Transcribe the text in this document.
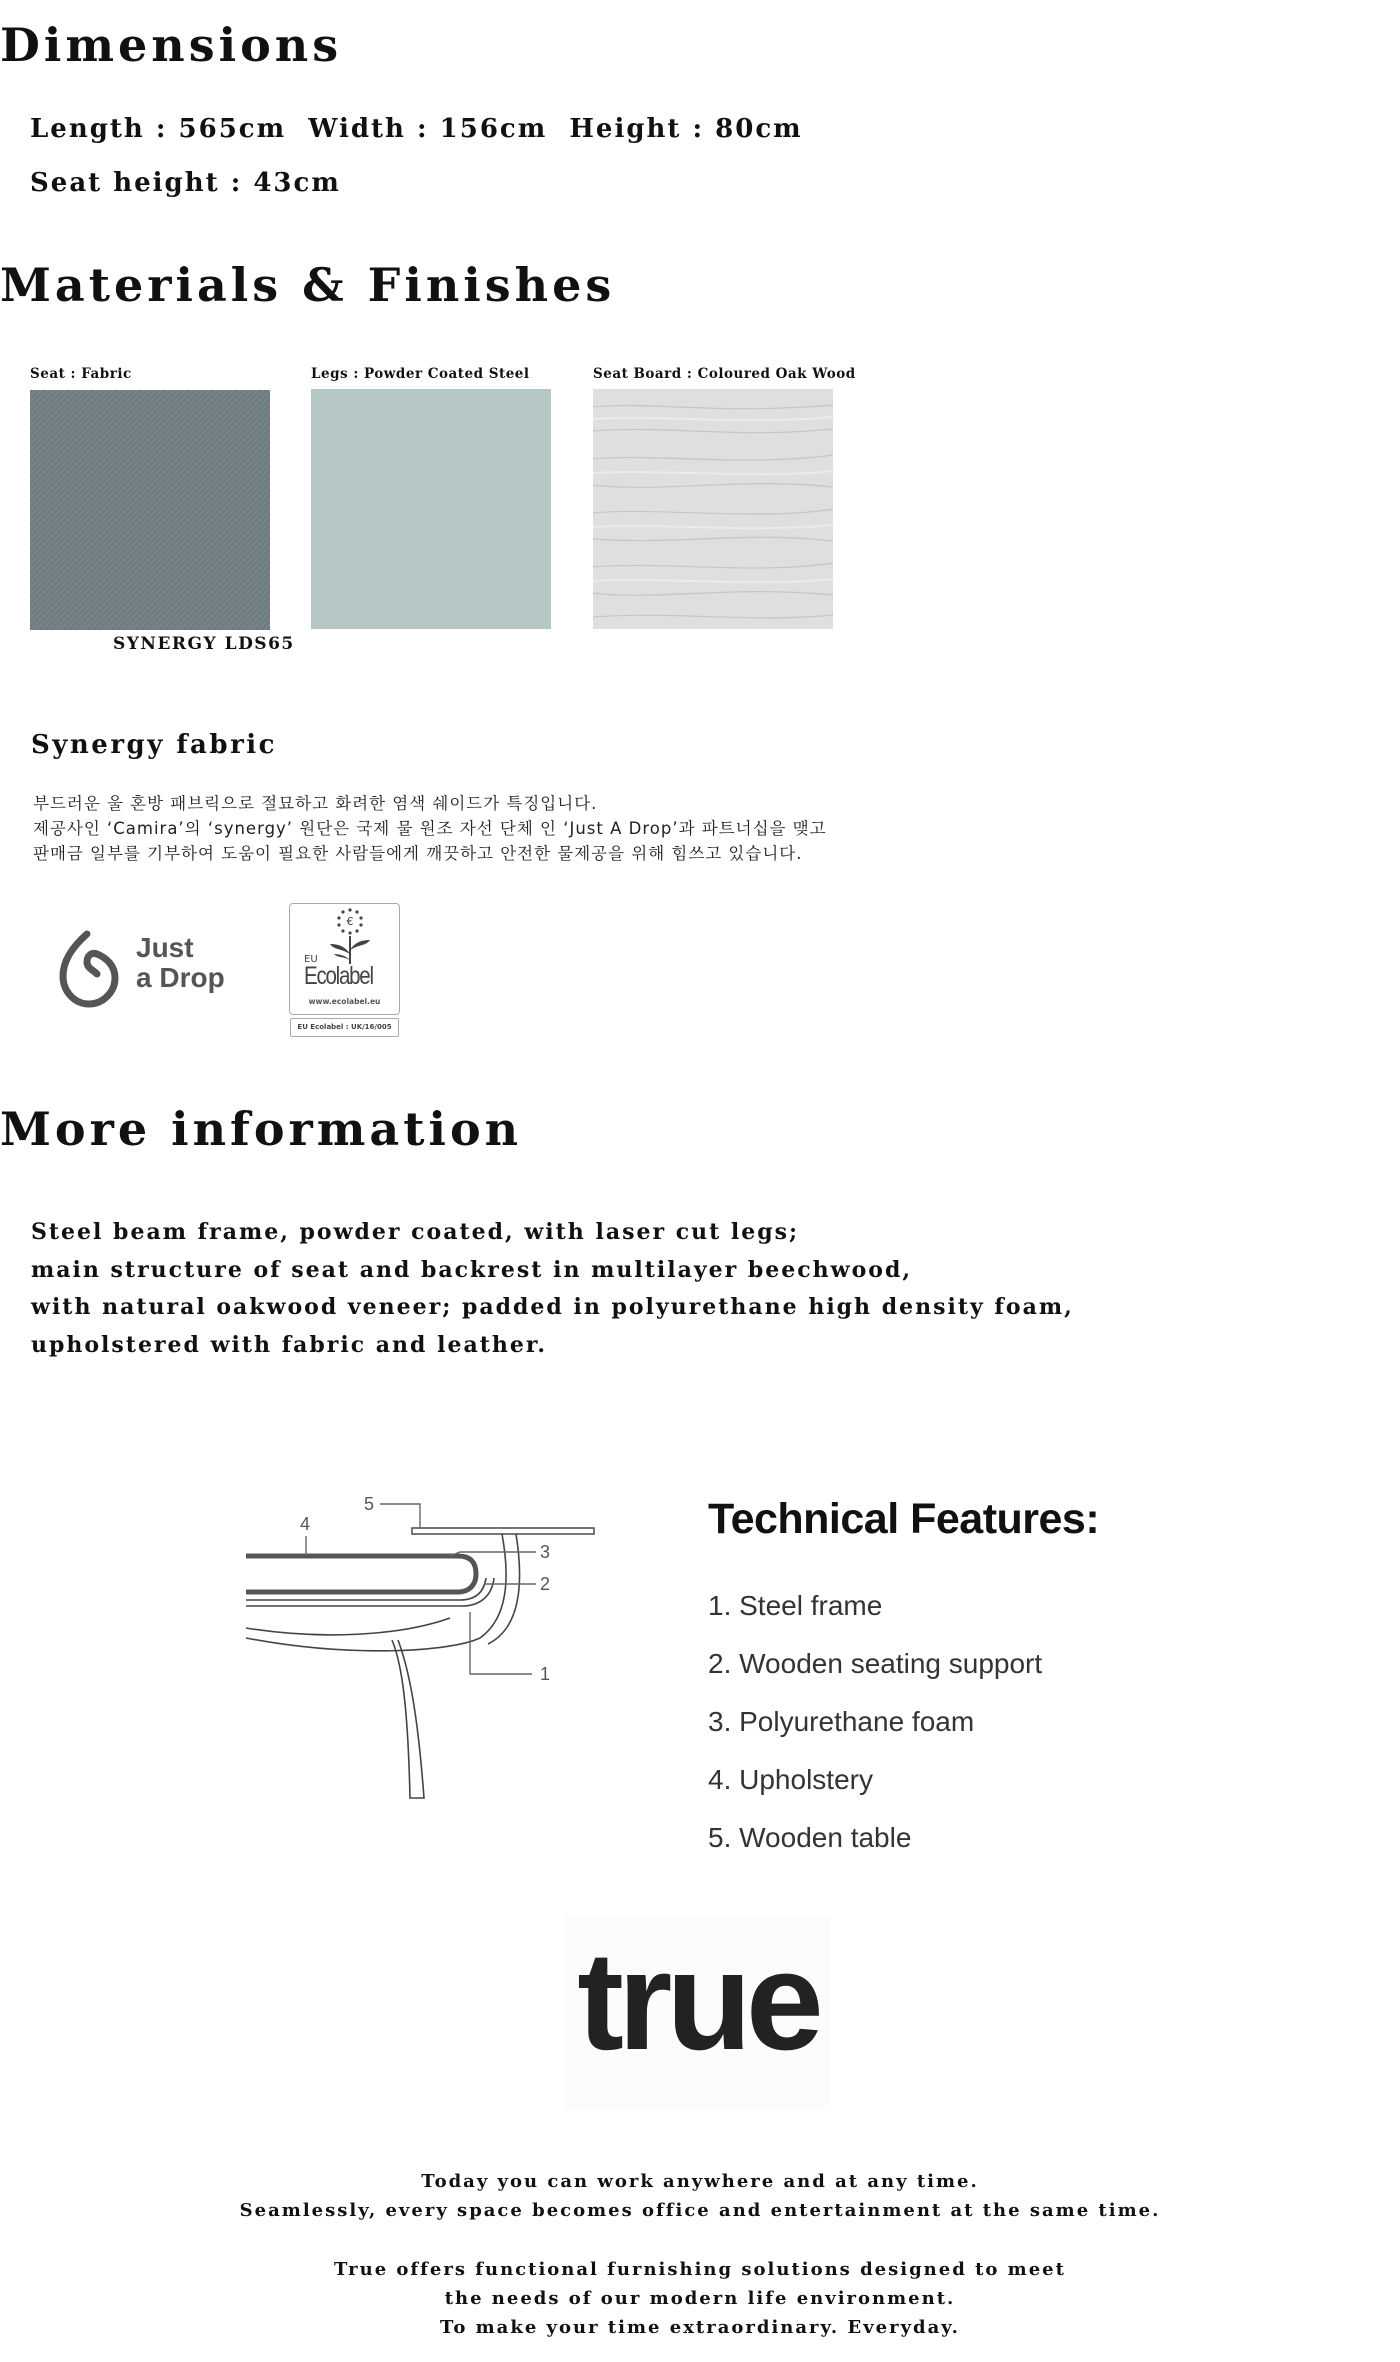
Dimensions

Length : 565cm  Width : 156cm  Height : 80cm

Seat height : 43cm

Materials & Finishes
Seat : Fabric	Legs : Powder Coated Steel	Seat Board : Coloured Oak Wood
SYNERGY LDS65
Synergy fabric

부드러운 울 혼방 패브릭으로 절묘하고 화려한 염색 쉐이드가 특징입니다.

제공사인 ‘Camira’의 ‘synergy’ 원단은 국제 물 원조 자선 단체 인 ‘Just A Drop’과 파트너십을 맺고

판매금 일부를 기부하여 도움이 필요한 사람들에게 깨끗하고 안전한 물제공을 위해 힘쓰고 있습니다.

Just
a Drop
€
EU
Ecolabel
www.ecolabel.eu
EU Ecolabel : UK/16/005
More information

Steel beam frame, powder coated, with laser cut legs;

main structure of seat and backrest in multilayer beechwood,

with natural oakwood veneer; padded in polyurethane high density foam,

upholstered with fabric and leather.

1
2
3
4
5	Technical Features:

1. Steel frame

2. Wooden seating support

3. Polyurethane foam

4. Upholstery

5. Wooden table

true

Today you can work anywhere and at any time.

Seamlessly, every space becomes office and entertainment at the same time.

True offers functional furnishing solutions designed to meet

the needs of our modern life environment.

To make your time extraordinary. Everyday.
